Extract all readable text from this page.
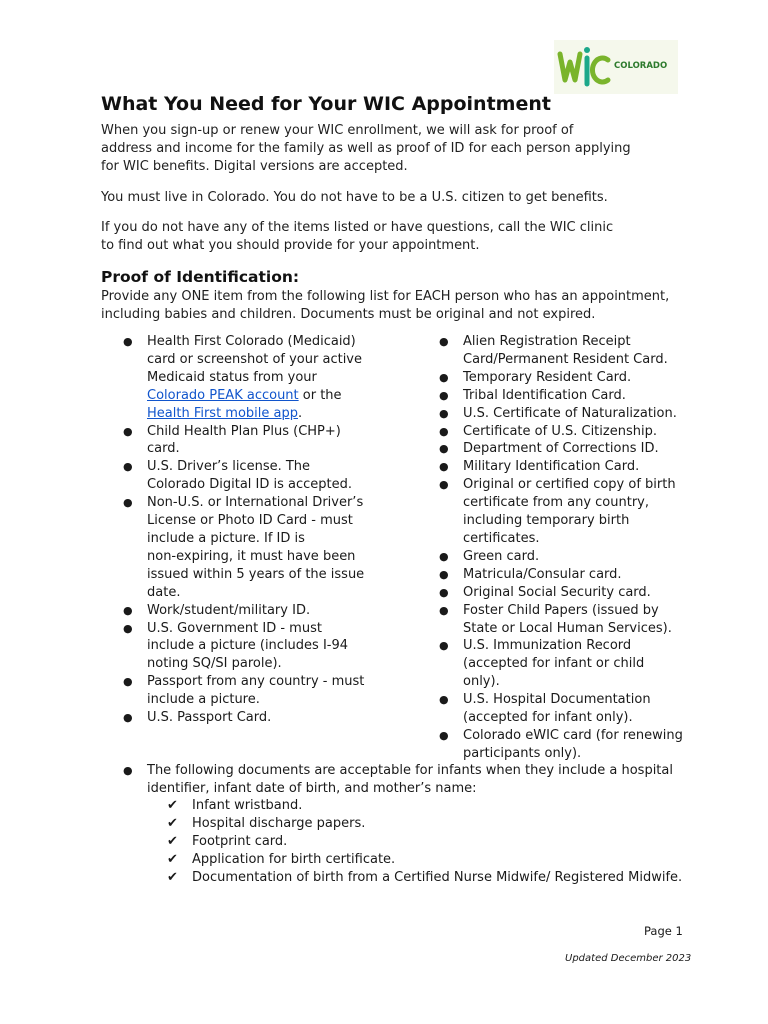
COLORADO
What You Need for Your WIC Appointment

When you sign-up or renew your WIC enrollment, we will ask for proof of
address and income for the family as well as proof of ID for each person applying
for WIC benefits. Digital versions are accepted.

You must live in Colorado. You do not have to be a U.S. citizen to get benefits.

If you do not have any of the items listed or have questions, call the WIC clinic
to find out what you should provide for your appointment.

Proof of Identification:

Provide any ONE item from the following list for EACH person who has an appointment,
including babies and children. Documents must be original and not expired.

● Health First Colorado (Medicaid)
card or screenshot of your active
Medicaid status from your
Colorado PEAK account or the
Health First mobile app.
● Child Health Plan Plus (CHP+)
card.
● U.S. Driver’s license. The
Colorado Digital ID is accepted.
● Non-U.S. or International Driver’s
License or Photo ID Card - must
include a picture. If ID is
non-expiring, it must have been
issued within 5 years of the issue
date.
● Work/student/military ID.
● U.S. Government ID - must
include a picture (includes I-94
noting SQ/SI parole).
● Passport from any country - must
include a picture.
● U.S. Passport Card.
● Alien Registration Receipt
Card/Permanent Resident Card.
● Temporary Resident Card.
● Tribal Identification Card.
● U.S. Certificate of Naturalization.
● Certificate of U.S. Citizenship.
● Department of Corrections ID.
● Military Identification Card.
● Original or certified copy of birth
certificate from any country,
including temporary birth
certificates.
● Green card.
● Matricula/Consular card.
● Original Social Security card.
● Foster Child Papers (issued by
State or Local Human Services).
● U.S. Immunization Record
(accepted for infant or child
only).
● U.S. Hospital Documentation
(accepted for infant only).
● Colorado eWIC card (for renewing
participants only).
● The following documents are acceptable for infants when they include a hospital
identifier, infant date of birth, and mother’s name:
✔ Infant wristband.
✔ Hospital discharge papers.
✔ Footprint card.
✔ Application for birth certificate.
✔ Documentation of birth from a Certified Nurse Midwife/ Registered Midwife.
Page 1
Updated December 2023
